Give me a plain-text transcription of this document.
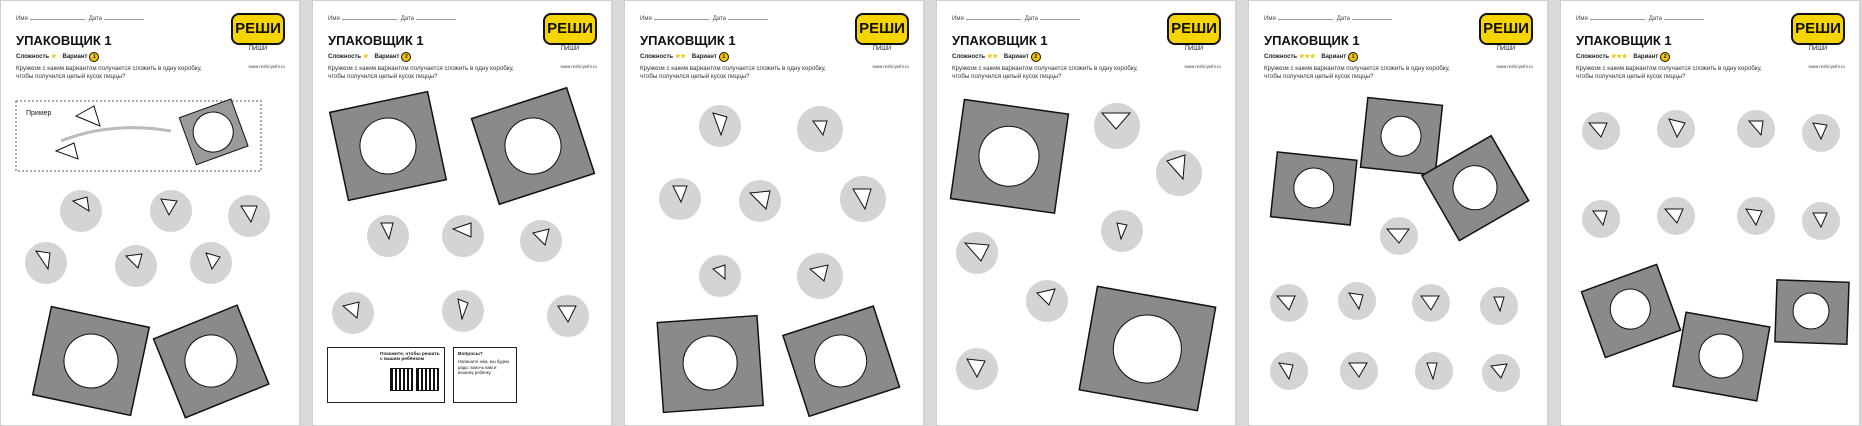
Имя	Дата
УПАКОВЩИК 1
Сложность ★ Вариант 1
Кружком с каким вариантом получается сложить в одну коробку, чтобы получился целый кусок пиццы?
РЕШИ
ПИШИ
www.reshi-pishi.ru
Пример
Имя	Дата
УПАКОВЩИК 1
Сложность ★ Вариант 2
Кружком с каким вариантом получается сложить в одну коробку, чтобы получился целый кусок пиццы?
РЕШИ
ПИШИ
www.reshi-pishi.ru
Покажите, чтобы решить с вашим ребёнком
Вопросы?
Напишите нам, мы будем рады помочь вам и вашему ребёнку
Имя	Дата
УПАКОВЩИК 1
Сложность ★★ Вариант 1
Кружком с каким вариантом получается сложить в одну коробку, чтобы получился целый кусок пиццы?
РЕШИ
ПИШИ
www.reshi-pishi.ru
Имя	Дата
УПАКОВЩИК 1
Сложность ★★ Вариант 2
Кружком с каким вариантом получается сложить в одну коробку, чтобы получился целый кусок пиццы?
РЕШИ
ПИШИ
www.reshi-pishi.ru
Имя	Дата
УПАКОВЩИК 1
Сложность ★★★ Вариант 1
Кружком с каким вариантом получается сложить в одну коробку, чтобы получился целый кусок пиццы?
РЕШИ
ПИШИ
www.reshi-pishi.ru
Имя	Дата
УПАКОВЩИК 1
Сложность ★★★ Вариант 2
Кружком с каким вариантом получается сложить в одну коробку, чтобы получился целый кусок пиццы?
РЕШИ
ПИШИ
www.reshi-pishi.ru
